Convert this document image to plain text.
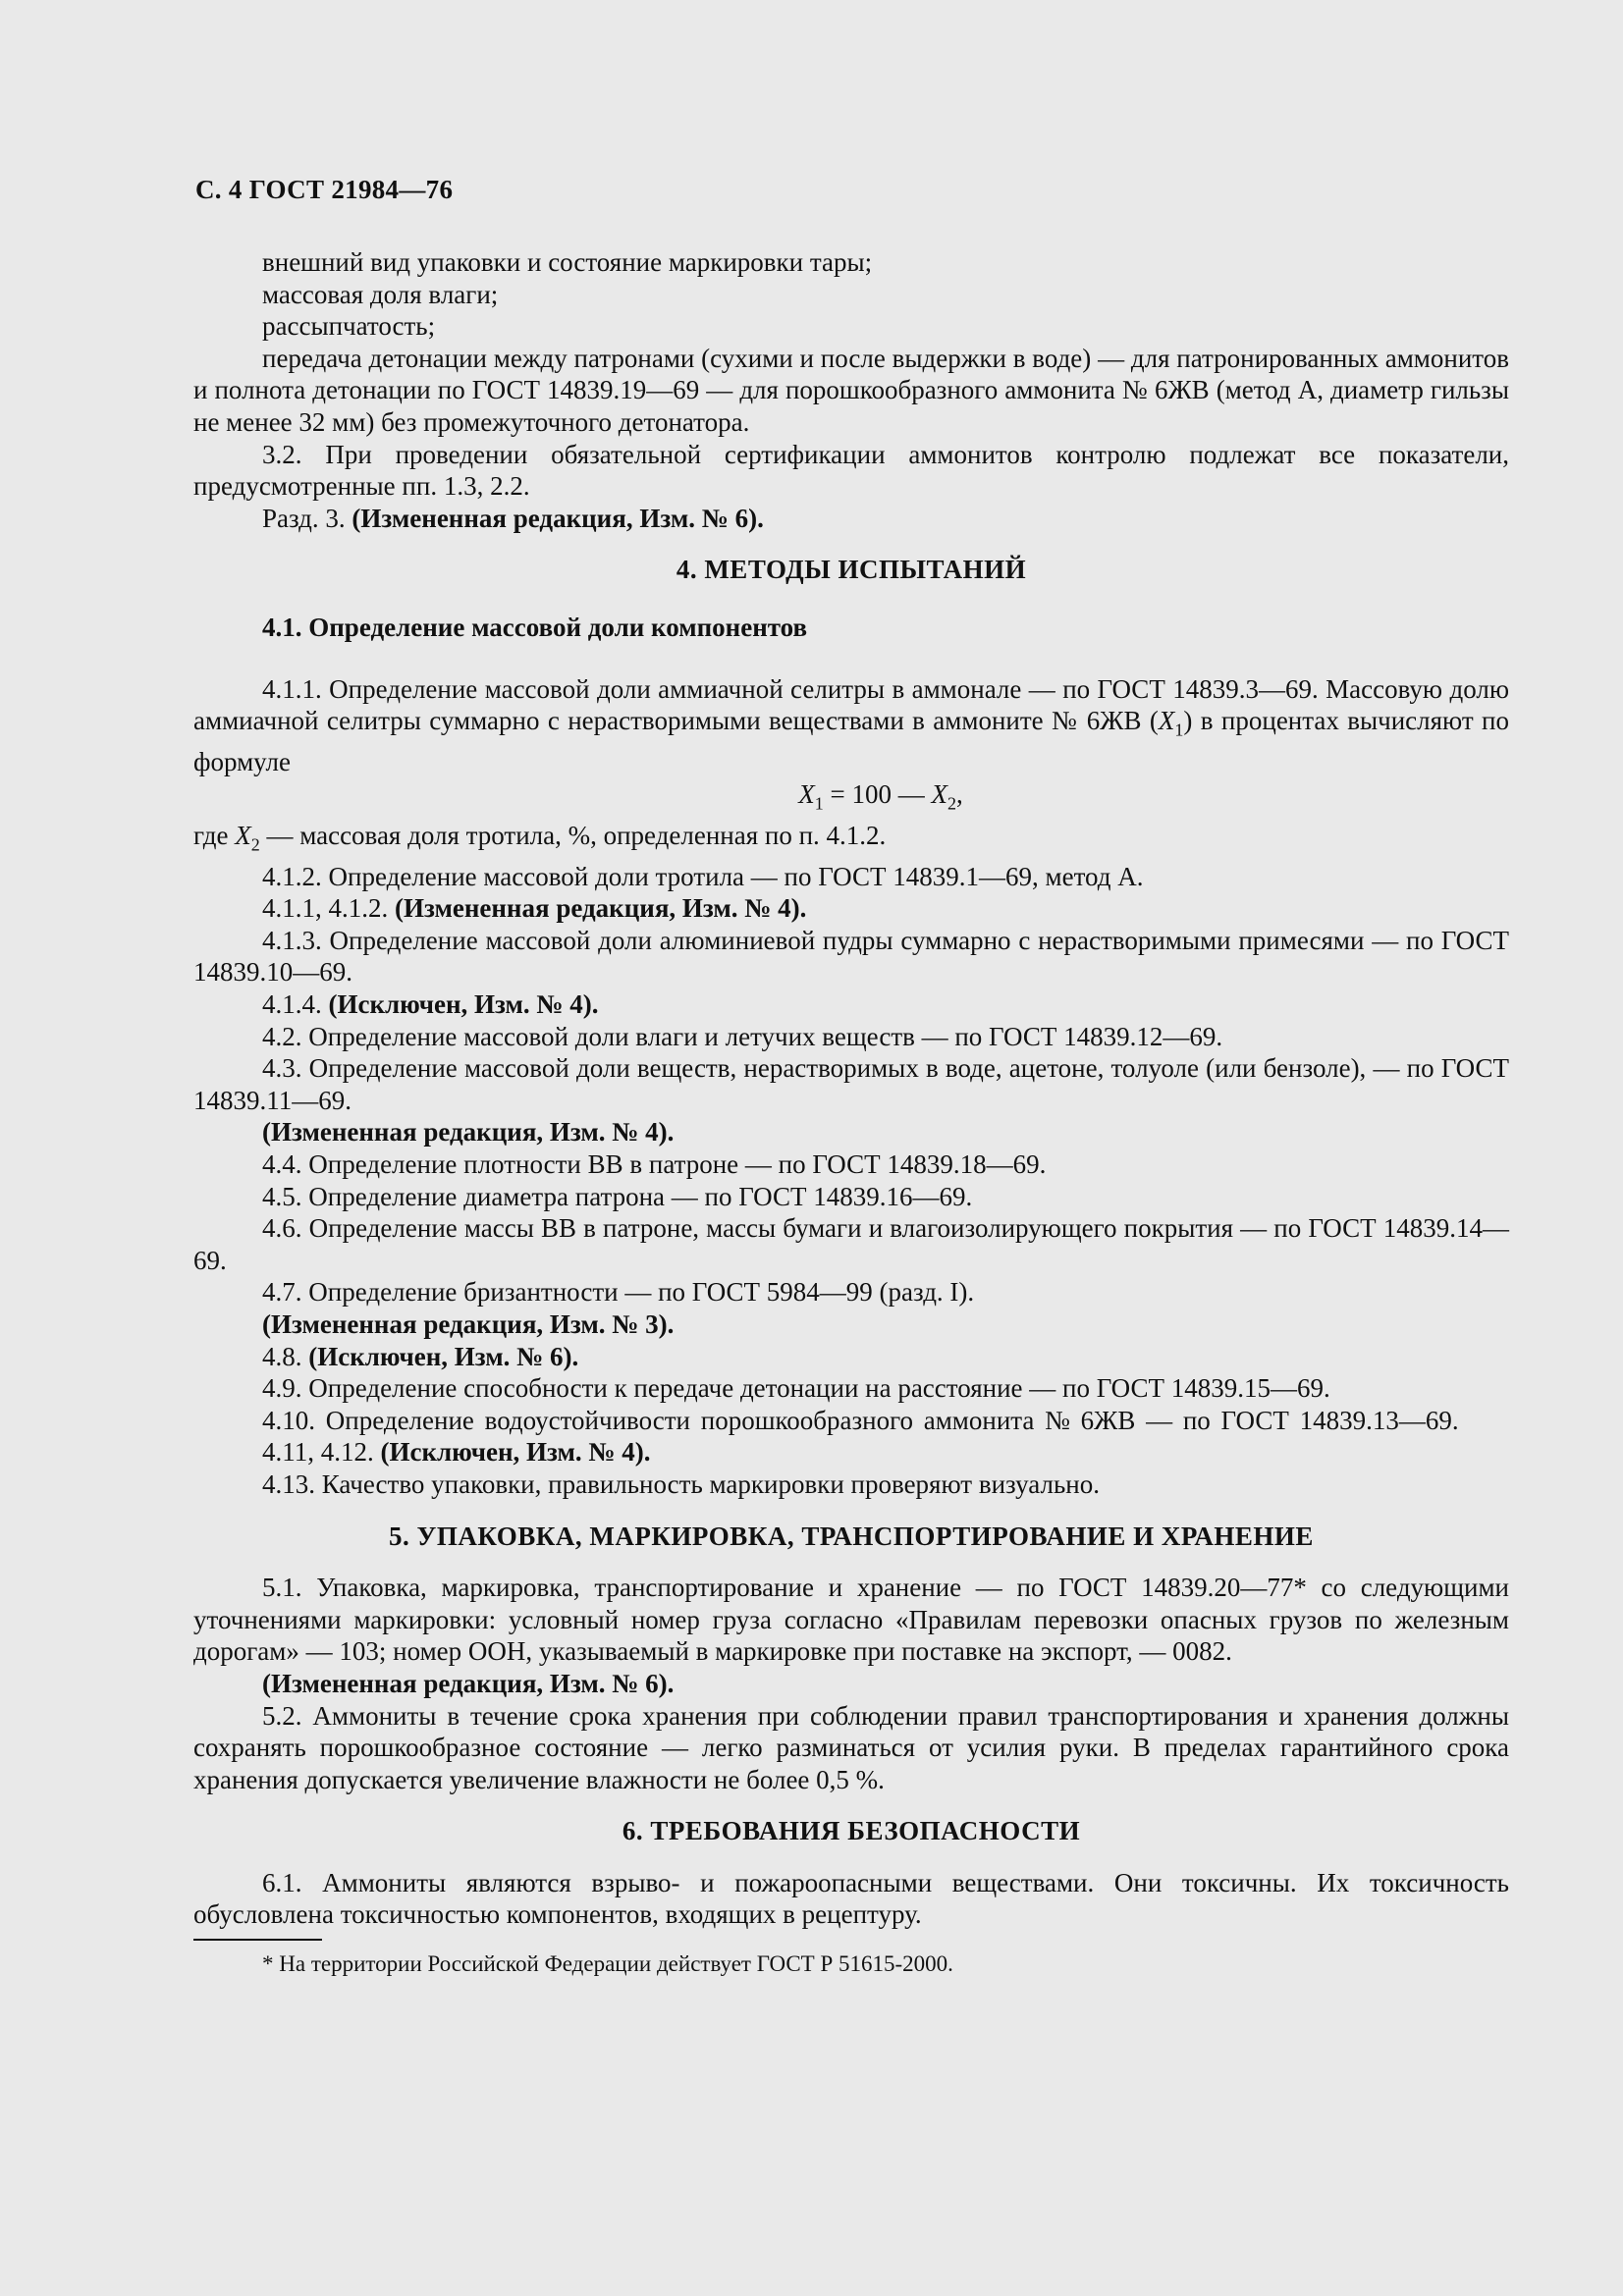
С. 4 ГОСТ 21984—76

внешний вид упаковки и состояние маркировки тары;

массовая доля влаги;

рассыпчатость;

передача детонации между патронами (сухими и после выдержки в воде) — для патронированных аммонитов и полнота детонации по ГОСТ 14839.19—69 — для порошкообразного аммонита № 6ЖВ (метод А, диаметр гильзы не менее 32 мм) без промежуточного детонатора.

3.2. При проведении обязательной сертификации аммонитов контролю подлежат все показатели, предусмотренные пп. 1.3, 2.2.

Разд. 3. (Измененная редакция, Изм. № 6).

4. МЕТОДЫ ИСПЫТАНИЙ

4.1. Определение массовой доли компонентов

4.1.1. Определение массовой доли аммиачной селитры в аммонале — по ГОСТ 14839.3—69. Массовую долю аммиачной селитры суммарно с нерастворимыми веществами в аммоните № 6ЖВ $(X_1)$ в процентах вычисляют по формуле

$X_1 = 100$ — $X_2$,

где $X_2$ — массовая доля тротила, %, определенная по п. 4.1.2.

4.1.2. Определение массовой доли тротила — по ГОСТ 14839.1—69, метод А.

4.1.1, 4.1.2. (Измененная редакция, Изм. № 4).

4.1.3. Определение массовой доли алюминиевой пудры суммарно с нерастворимыми примесями — по ГОСТ 14839.10—69.

4.1.4. (Исключен, Изм. № 4).

4.2. Определение массовой доли влаги и летучих веществ — по ГОСТ 14839.12—69.

4.3. Определение массовой доли веществ, нерастворимых в воде, ацетоне, толуоле (или бензоле), — по ГОСТ 14839.11—69.

(Измененная редакция, Изм. № 4).

4.4. Определение плотности ВВ в патроне — по ГОСТ 14839.18—69.

4.5. Определение диаметра патрона — по ГОСТ 14839.16—69.

4.6. Определение массы ВВ в патроне, массы бумаги и влагоизолирующего покрытия — по ГОСТ 14839.14—69.

4.7. Определение бризантности — по ГОСТ 5984—99 (разд. I).

(Измененная редакция, Изм. № 3).

4.8. (Исключен, Изм. № 6).

4.9. Определение способности к передаче детонации на расстояние — по ГОСТ 14839.15—69.

4.10. Определение водоустойчивости порошкообразного аммонита № 6ЖВ — по ГОСТ 14839.13—69.

4.11, 4.12. (Исключен, Изм. № 4).

4.13. Качество упаковки, правильность маркировки проверяют визуально.

5. УПАКОВКА, МАРКИРОВКА, ТРАНСПОРТИРОВАНИЕ И ХРАНЕНИЕ

5.1. Упаковка, маркировка, транспортирование и хранение — по ГОСТ 14839.20—77* со следующими уточнениями маркировки: условный номер груза согласно «Правилам перевозки опасных грузов по железным дорогам» — 103; номер ООН, указываемый в маркировке при поставке на экспорт, — 0082.

(Измененная редакция, Изм. № 6).

5.2. Аммониты в течение срока хранения при соблюдении правил транспортирования и хранения должны сохранять порошкообразное состояние — легко разминаться от усилия руки. В пределах гарантийного срока хранения допускается увеличение влажности не более 0,5 %.

6. ТРЕБОВАНИЯ БЕЗОПАСНОСТИ

6.1. Аммониты являются взрыво- и пожароопасными веществами. Они токсичны. Их токсичность обусловлена токсичностью компонентов, входящих в рецептуру.

* На территории Российской Федерации действует ГОСТ Р 51615-2000.
